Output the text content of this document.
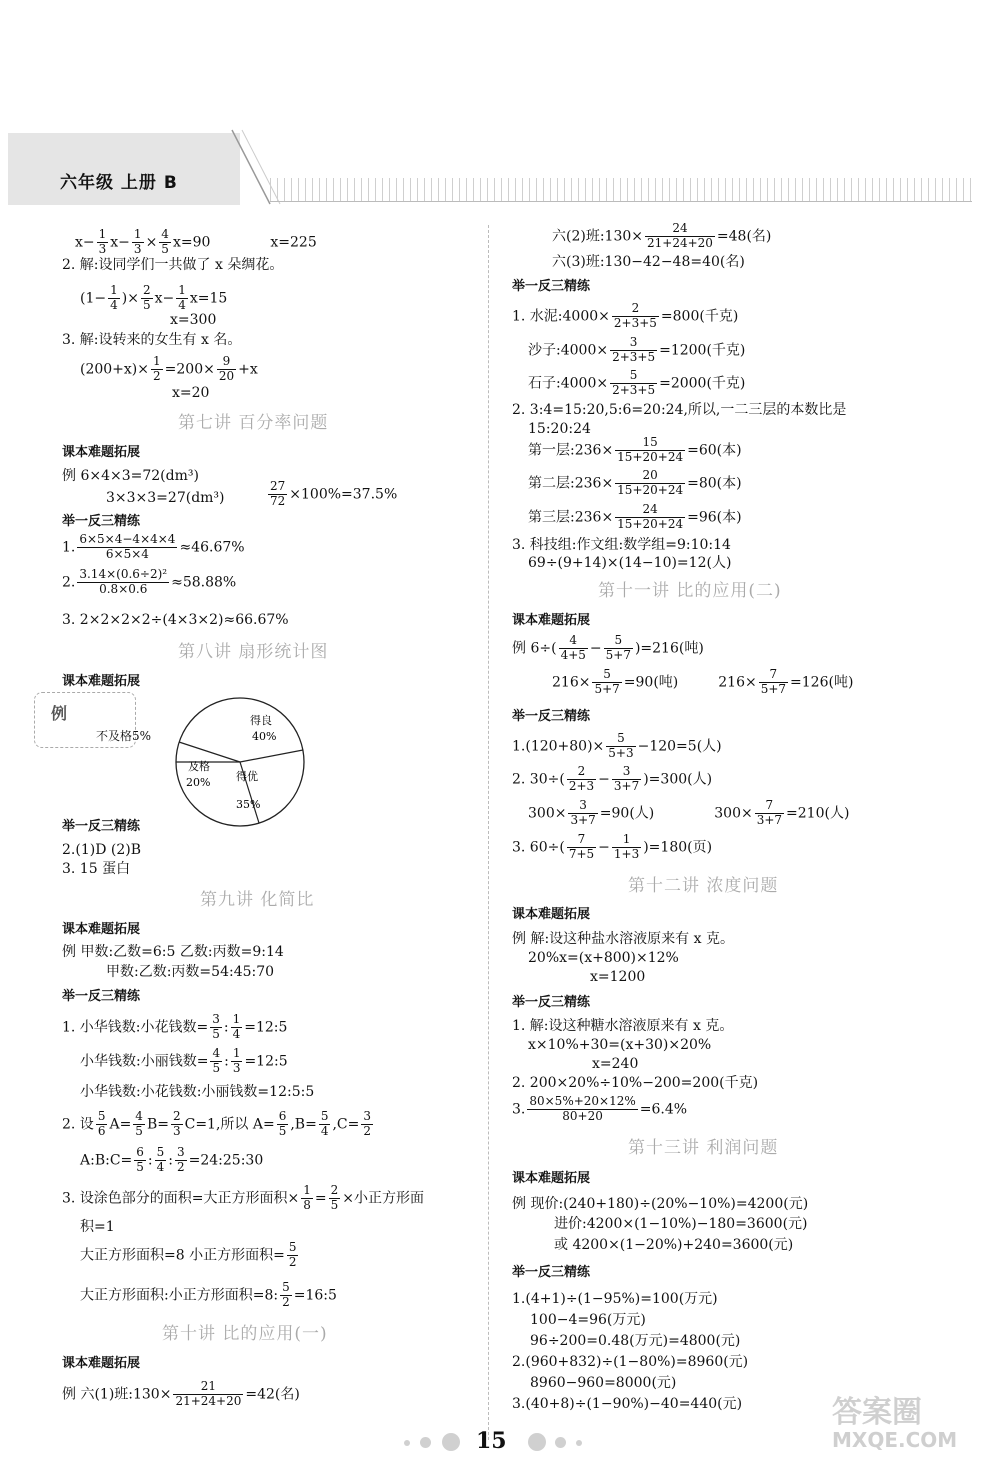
六年级 上册 B
$x- \frac{1}{3} x- \frac{1}{3} \times \frac{4}{5} x=90$	x=225
2. 解:设同学们一共做了 x 朵绸花。
($1- \frac{1}{4}$ )× $\frac{2}{5} x- \frac{1}{4} x=15$
x=300
3. 解:设转来的女生有 x 名。
$(200+x)\times \frac{1}{2} =200\times \frac{9}{20} +x$
x=20
第七讲 百分率问题
课本难题拓展
例 6×4×3=72(dm³)
3×3×3=27(dm³)	$\frac{27}{72} \times 100\%=37.5\%$
举一反三精练
1. $\frac{6\times 5\times 4-4\times 4\times 4}{6\times 5\times 4} \approx 46.67\%$
2. $\frac{\text{3.14×(0.6÷2)²}}{0.8\times 0.6} \approx 58.88\%$
3. 2×2×2×2÷(4×3×2)≈66.67%
第八讲 扇形统计图
课本难题拓展
例	得良
40%
及格
20% 得优
35%
不及格5%
举一反三精练
2.(1)D (2)B
3. 15 蛋白
第九讲 化简比
课本难题拓展
例 甲数:乙数=6:5 乙数:丙数=9:14
甲数:乙数:丙数=54:45:70
举一反三精练
1. 小华钱数:小花钱数= $\frac{3}{5}$ : $\frac{1}{4}$ =12:5
小华钱数:小丽钱数= $\frac{4}{5}$ : $\frac{1}{3}$ =12:5
小华钱数:小花钱数:小丽钱数=12:5:5
2. 设 $\frac{5}{6} A= \frac{4}{5} B= \frac{2}{3} C=1$,所以 $A= \frac{6}{5} ,B= \frac{5}{4} ,C= \frac{3}{2}$
A:B:C= $\frac{6}{5}$ : $\frac{5}{4}$ : $\frac{3}{2}$ =24:25:30
3. 设涂色部分的面积=大正方形面积× $\frac{1}{8} = \frac{2}{5}$ ×小正方形面
积=1
大正方形面积=8 小正方形面积= $\frac{5}{2}$
大正方形面积:小正方形面积=8: $\frac{5}{2}$ =16:5
第十讲 比的应用(一)
课本难题拓展
例 六(1)班:130× $\frac{21}{21+24+20} =42$(名)
六(2)班:130× $\frac{24}{21+24+20} =48$(名)
六(3)班:130−42−48=40(名)
举一反三精练
1. 水泥:4000× $\frac{2}{2+3+5} =800$(千克)
沙子:4000× $\frac{3}{2+3+5} =1200$(千克)
石子:4000× $\frac{5}{2+3+5} =2000$(千克)
2. 3:4=15:20,5:6=20:24,所以,一二三层的本数比是
15:20:24
第一层:236× $\frac{15}{15+20+24} =60$(本)
第二层:236× $\frac{20}{15+20+24} =80$(本)
第三层:236× $\frac{24}{15+20+24} =96$(本)
3. 科技组:作文组:数学组=9:10:14
69÷(9+14)×(14−10)=12(人)
第十一讲 比的应用(二)
课本难题拓展
例 $6\div( \frac{4}{4+5} - \frac{5}{5+7} )=216$(吨)
$216\times \frac{5}{5+7} =90$(吨)	$216\times \frac{7}{5+7} =126$(吨)
举一反三精练
$1.(120+80)\times \frac{5}{5+3} -120=5$(人)
2. $30\div( \frac{2}{2+3} - \frac{3}{3+7} )=300$(人)
$300\times \frac{3}{3+7} =90$(人)	$300\times \frac{7}{3+7} =210$(人)
3. $60\div( \frac{7}{7+5} - \frac{1}{1+3} )=180$(页)
第十二讲 浓度问题
课本难题拓展
例 解:设这种盐水溶液原来有 x 克。
20%x=(x+800)×12%
x=1200
举一反三精练
1. 解:设这种糖水溶液原来有 x 克。
x×10%+30=(x+30)×20%
x=240
2. 200×20%÷10%−200=200(千克)
3. $\frac{80\times 5\%+20\times 12\%}{80+20} =6.4\%$
第十三讲 利润问题
课本难题拓展
例 现价:(240+180)÷(20%−10%)=4200(元)
进价:4200×(1−10%)−180=3600(元)
或 4200×(1−20%)+240=3600(元)
举一反三精练
1.(4+1)÷(1−95%)=100(万元)
100−4=96(万元)
96÷200=0.48(万元)=4800(元)
2.(960+832)÷(1−80%)=8960(元)
8960−960=8000(元)
3.(40+8)÷(1−90%)−40=440(元)
15
答案圈
MXQE.COM
